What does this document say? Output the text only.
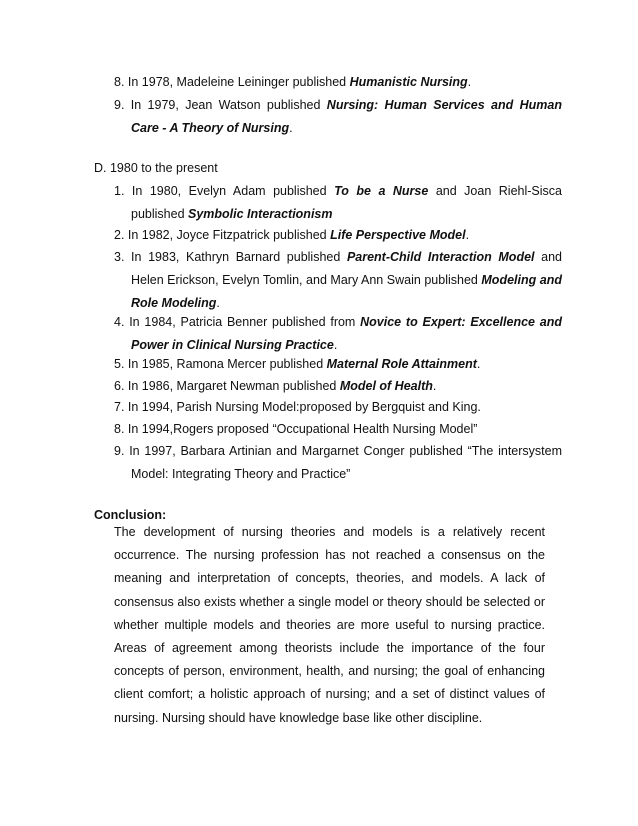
8. In 1978, Madeleine Leininger published Humanistic Nursing.
9. In 1979, Jean Watson published Nursing: Human Services and Human Care - A Theory of Nursing.
D. 1980 to the present
1. In 1980, Evelyn Adam published To be a Nurse and Joan Riehl-Sisca published Symbolic Interactionism
2. In 1982, Joyce Fitzpatrick published Life Perspective Model.
3. In 1983, Kathryn Barnard published Parent-Child Interaction Model and Helen Erickson, Evelyn Tomlin, and Mary Ann Swain published Modeling and Role Modeling.
4. In 1984, Patricia Benner published from Novice to Expert: Excellence and Power in Clinical Nursing Practice.
5. In 1985, Ramona Mercer published Maternal Role Attainment.
6. In 1986, Margaret Newman published Model of Health.
7. In 1994, Parish Nursing Model:proposed by Bergquist and King.
8. In 1994,Rogers proposed “Occupational Health Nursing Model”
9. In 1997, Barbara Artinian and Margarnet Conger published “The intersystem Model: Integrating Theory and Practice”
Conclusion:
The development of nursing theories and models is a relatively recent occurrence. The nursing profession has not reached a consensus on the meaning and interpretation of concepts, theories, and models. A lack of consensus also exists whether a single model or theory should be selected or whether multiple models and theories are more useful to nursing practice. Areas of agreement among theorists include the importance of the four concepts of person, environment, health, and nursing; the goal of enhancing client comfort; a holistic approach of nursing; and a set of distinct values of nursing. Nursing should have knowledge base like other discipline.
